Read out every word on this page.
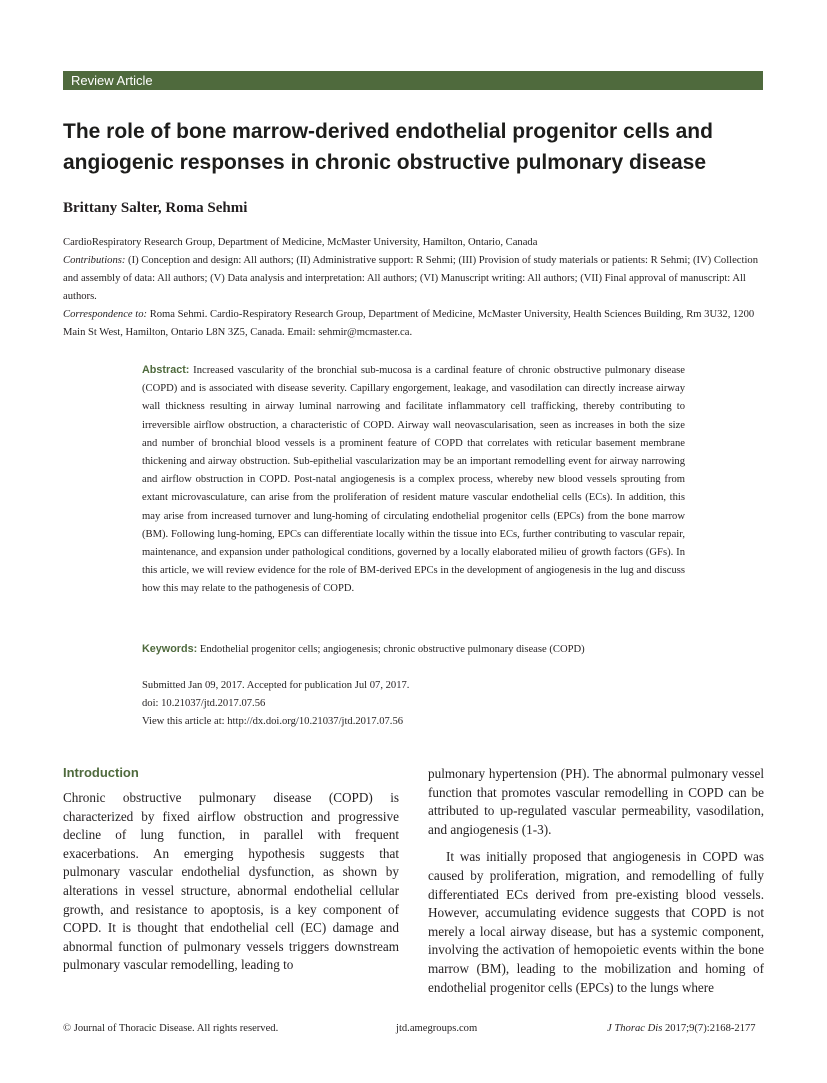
Review Article
The role of bone marrow-derived endothelial progenitor cells and angiogenic responses in chronic obstructive pulmonary disease
Brittany Salter, Roma Sehmi
CardioRespiratory Research Group, Department of Medicine, McMaster University, Hamilton, Ontario, Canada
Contributions: (I) Conception and design: All authors; (II) Administrative support: R Sehmi; (III) Provision of study materials or patients: R Sehmi; (IV) Collection and assembly of data: All authors; (V) Data analysis and interpretation: All authors; (VI) Manuscript writing: All authors; (VII) Final approval of manuscript: All authors.
Correspondence to: Roma Sehmi. Cardio-Respiratory Research Group, Department of Medicine, McMaster University, Health Sciences Building, Rm 3U32, 1200 Main St West, Hamilton, Ontario L8N 3Z5, Canada. Email: sehmir@mcmaster.ca.
Abstract: Increased vascularity of the bronchial sub-mucosa is a cardinal feature of chronic obstructive pulmonary disease (COPD) and is associated with disease severity. Capillary engorgement, leakage, and vasodilation can directly increase airway wall thickness resulting in airway luminal narrowing and facilitate inflammatory cell trafficking, thereby contributing to irreversible airflow obstruction, a characteristic of COPD. Airway wall neovascularisation, seen as increases in both the size and number of bronchial blood vessels is a prominent feature of COPD that correlates with reticular basement membrane thickening and airway obstruction. Sub-epithelial vascularization may be an important remodelling event for airway narrowing and airflow obstruction in COPD. Post-natal angiogenesis is a complex process, whereby new blood vessels sprouting from extant microvasculature, can arise from the proliferation of resident mature vascular endothelial cells (ECs). In addition, this may arise from increased turnover and lung-homing of circulating endothelial progenitor cells (EPCs) from the bone marrow (BM). Following lung-homing, EPCs can differentiate locally within the tissue into ECs, further contributing to vascular repair, maintenance, and expansion under pathological conditions, governed by a locally elaborated milieu of growth factors (GFs). In this article, we will review evidence for the role of BM-derived EPCs in the development of angiogenesis in the lug and discuss how this may relate to the pathogenesis of COPD.
Keywords: Endothelial progenitor cells; angiogenesis; chronic obstructive pulmonary disease (COPD)
Submitted Jan 09, 2017. Accepted for publication Jul 07, 2017.
doi: 10.21037/jtd.2017.07.56
View this article at: http://dx.doi.org/10.21037/jtd.2017.07.56
Introduction

Chronic obstructive pulmonary disease (COPD) is characterized by fixed airflow obstruction and progressive decline of lung function, in parallel with frequent exacerbations. An emerging hypothesis suggests that pulmonary vascular endothelial dysfunction, as shown by alterations in vessel structure, abnormal endothelial cellular growth, and resistance to apoptosis, is a key component of COPD. It is thought that endothelial cell (EC) damage and abnormal function of pulmonary vessels triggers downstream pulmonary vascular remodelling, leading to

pulmonary hypertension (PH). The abnormal pulmonary vessel function that promotes vascular remodelling in COPD can be attributed to up-regulated vascular permeability, vasodilation, and angiogenesis (1-3).

It was initially proposed that angiogenesis in COPD was caused by proliferation, migration, and remodelling of fully differentiated ECs derived from pre-existing blood vessels. However, accumulating evidence suggests that COPD is not merely a local airway disease, but has a systemic component, involving the activation of hemopoietic events within the bone marrow (BM), leading to the mobilization and homing of endothelial progenitor cells (EPCs) to the lungs where

© Journal of Thoracic Disease. All rights reserved.	jtd.amegroups.com	J Thorac Dis 2017;9(7):2168-2177
